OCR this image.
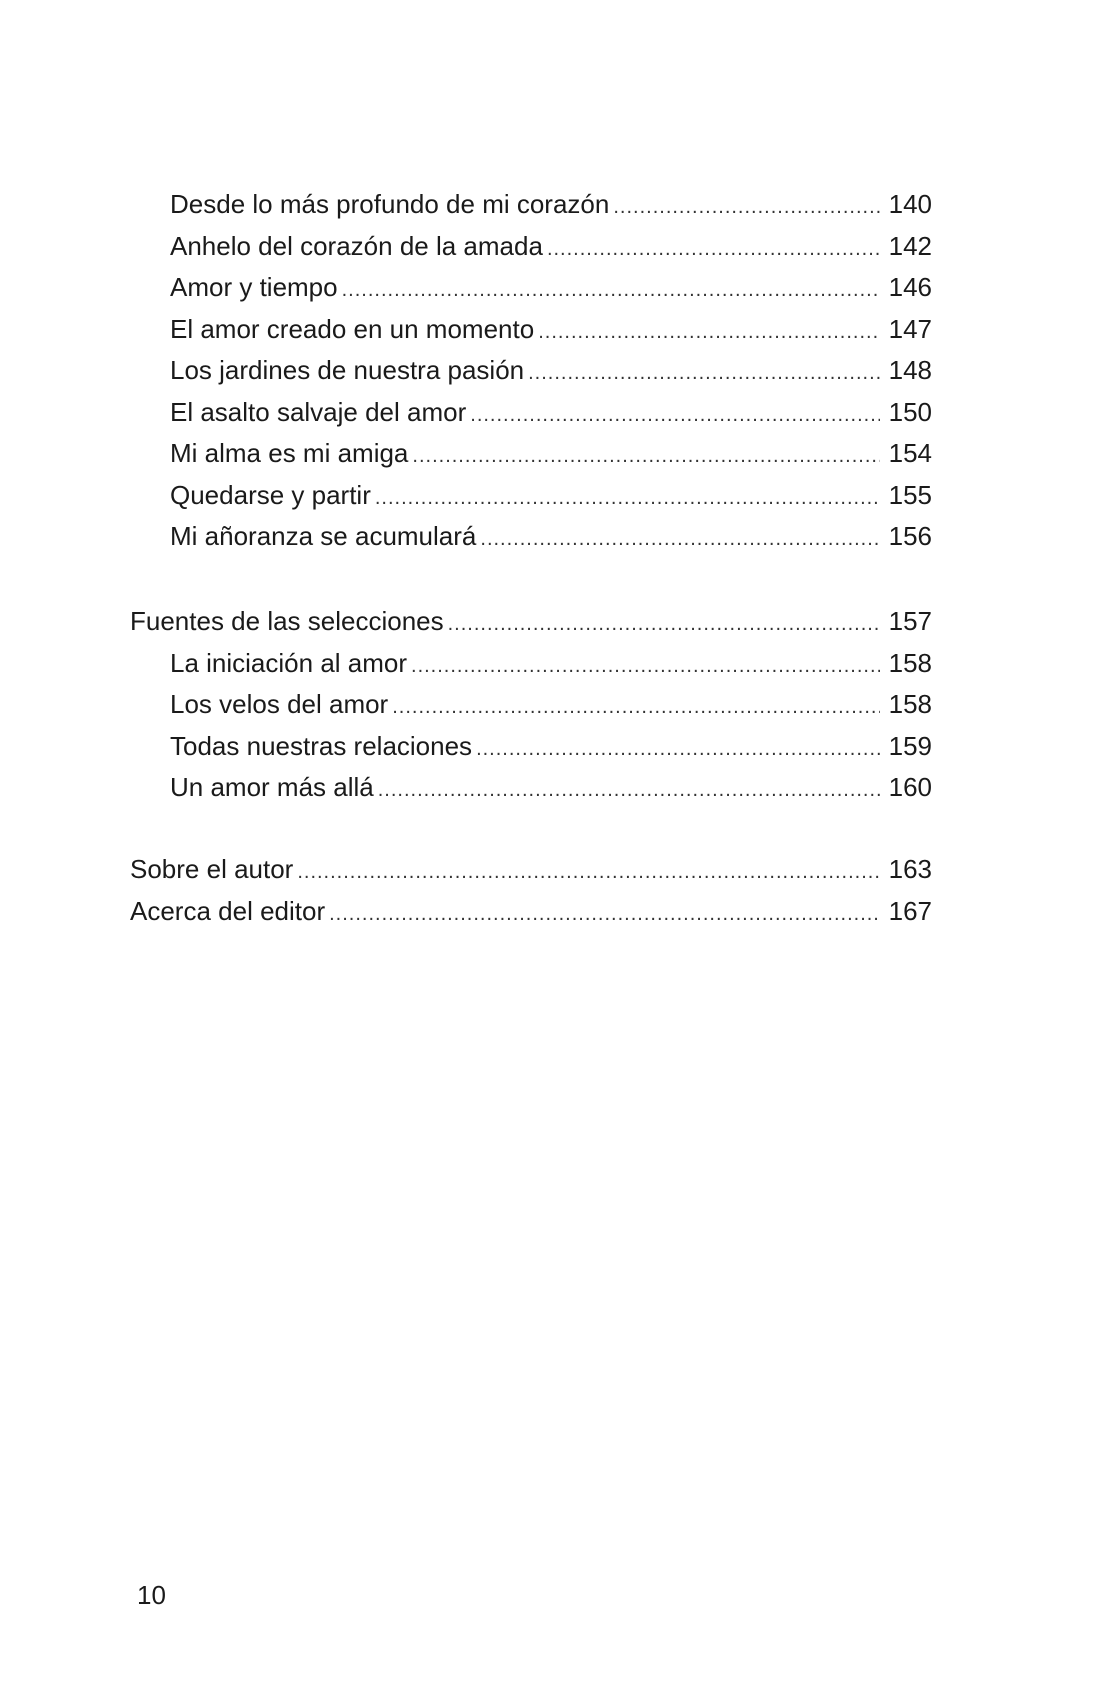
Desde lo más profundo de mi corazón .....	140
Anhelo del corazón de la amada .....	142
Amor y tiempo .....	146
El amor creado en un momento .....	147
Los jardines de nuestra pasión .....	148
El asalto salvaje del amor .....	150
Mi alma es mi amiga .....	154
Quedarse y partir .....	155
Mi añoranza se acumulará .....	156
Fuentes de las selecciones .....	157
La iniciación al amor .....	158
Los velos del amor .....	158
Todas nuestras relaciones .....	159
Un amor más allá .....	160
Sobre el autor .....	163
Acerca del editor .....	167
10
